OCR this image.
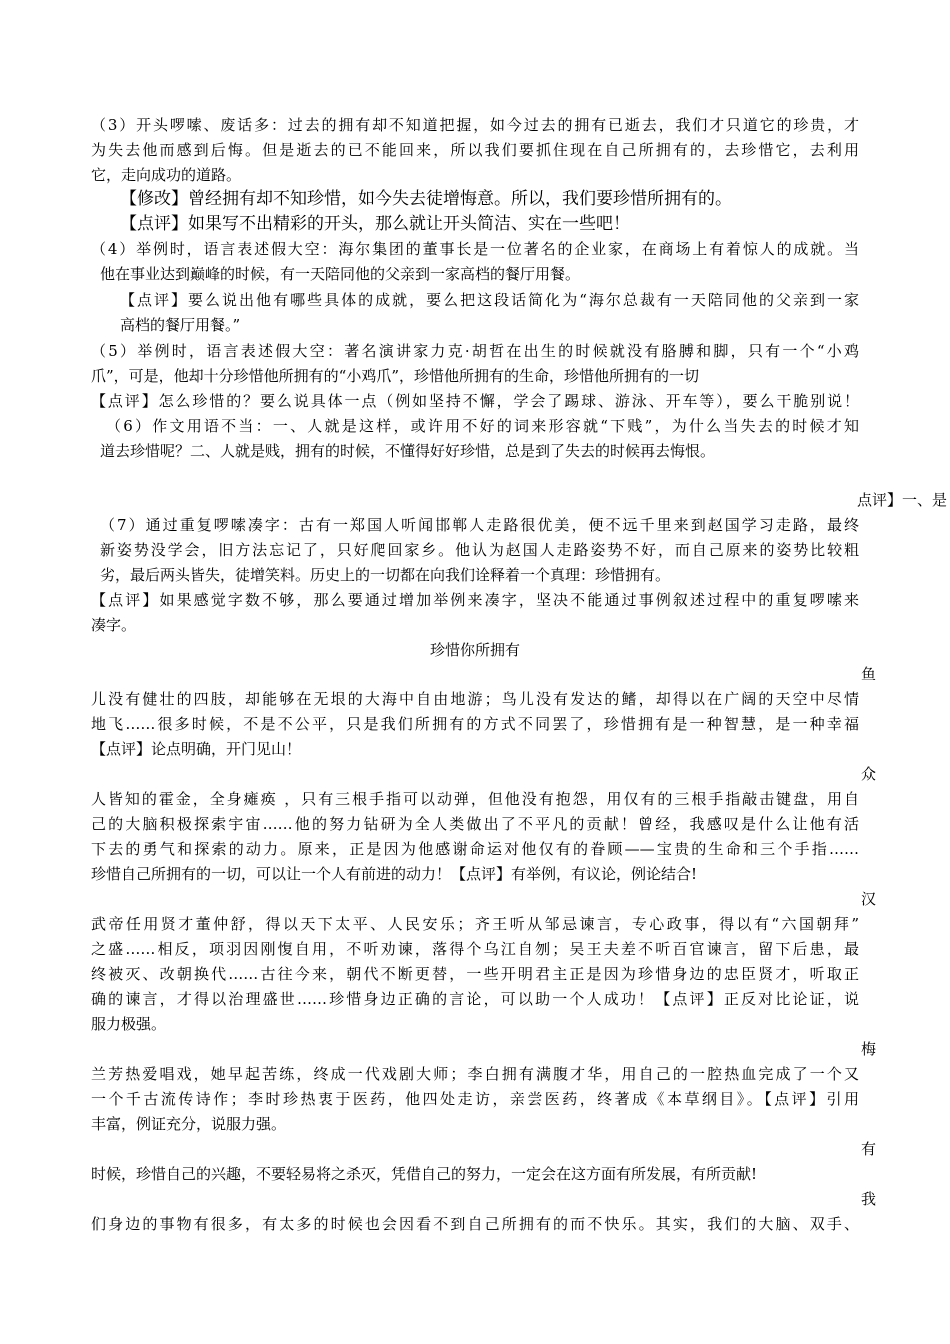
（3）开头啰嗦、废话多：过去的拥有却不知道把握，如今过去的拥有已逝去，我们才只道它的珍贵，才
为失去他而感到后悔。但是逝去的已不能回来，所以我们要抓住现在自己所拥有的，去珍惜它，去利用
它，走向成功的道路。
【修改】曾经拥有却不知珍惜，如今失去徒增悔意。所以，我们要珍惜所拥有的。
【点评】如果写不出精彩的开头，那么就让开头简洁、实在一些吧！
（4）举例时，语言表述假大空：海尔集团的董事长是一位著名的企业家，在商场上有着惊人的成就。当
他在事业达到巅峰的时候，有一天陪同他的父亲到一家高档的餐厅用餐。
【点评】要么说出他有哪些具体的成就，要么把这段话简化为“海尔总裁有一天陪同他的父亲到一家
高档的餐厅用餐。”
（5）举例时，语言表述假大空：著名演讲家力克·胡哲在出生的时候就没有胳膊和脚，只有一个“小鸡
爪”，可是，他却十分珍惜他所拥有的“小鸡爪”，珍惜他所拥有的生命，珍惜他所拥有的一切
【点评】怎么珍惜的？要么说具体一点（例如坚持不懈，学会了踢球、游泳、开车等），要么干脆别说！
（6）作文用语不当：一、人就是这样，或许用不好的词来形容就“下贱”，为什么当失去的时候才知
道去珍惜呢？二、人就是贱，拥有的时候，不懂得好好珍惜，总是到了失去的时候再去悔恨。
点评】一、是
（7）通过重复啰嗦凑字：古有一郑国人听闻邯郸人走路很优美，便不远千里来到赵国学习走路，最终
新姿势没学会，旧方法忘记了，只好爬回家乡。他认为赵国人走路姿势不好，而自己原来的姿势比较粗
劣，最后两头皆失，徒增笑料。历史上的一切都在向我们诠释着一个真理：珍惜拥有。
【点评】如果感觉字数不够，那么要通过增加举例来凑字，坚决不能通过事例叙述过程中的重复啰嗦来
凑字。
珍惜你所拥有
鱼
儿没有健壮的四肢，却能够在无垠的大海中自由地游；鸟儿没有发达的鳍，却得以在广阔的天空中尽情
地飞……很多时候，不是不公平，只是我们所拥有的方式不同罢了，珍惜拥有是一种智慧，是一种幸福
【点评】论点明确，开门见山！
众
人皆知的霍金，全身瘫痪 ，只有三根手指可以动弹，但他没有抱怨，用仅有的三根手指敲击键盘，用自
己的大脑积极探索宇宙……他的努力钻研为全人类做出了不平凡的贡献！曾经，我感叹是什么让他有活
下去的勇气和探索的动力。原来，正是因为他感谢命运对他仅有的眷顾——宝贵的生命和三个手指……
珍惜自己所拥有的一切，可以让一个人有前进的动力！【点评】有举例，有议论，例论结合!
汉
武帝任用贤才董仲舒，得以天下太平、人民安乐；齐王听从邹忌谏言，专心政事，得以有“六国朝拜”
之盛……相反，项羽因刚愎自用，不听劝谏，落得个乌江自刎；吴王夫差不听百官谏言，留下后患，最
终被灭、改朝换代……古往今来，朝代不断更替，一些开明君主正是因为珍惜身边的忠臣贤才，听取正
确的谏言，才得以治理盛世……珍惜身边正确的言论，可以助一个人成功！【点评】正反对比论证，说
服力极强。
梅
兰芳热爱唱戏，她早起苦练，终成一代戏剧大师；李白拥有满腹才华，用自己的一腔热血完成了一个又
一个千古流传诗作；李时珍热衷于医药，他四处走访，亲尝医药，终著成《本草纲目》。【点评】引用
丰富，例证充分，说服力强。
有
时候，珍惜自己的兴趣，不要轻易将之杀灭，凭借自己的努力，一定会在这方面有所发展，有所贡献!
我
们身边的事物有很多，有太多的时候也会因看不到自己所拥有的而不快乐。其实，我们的大脑、双手、
